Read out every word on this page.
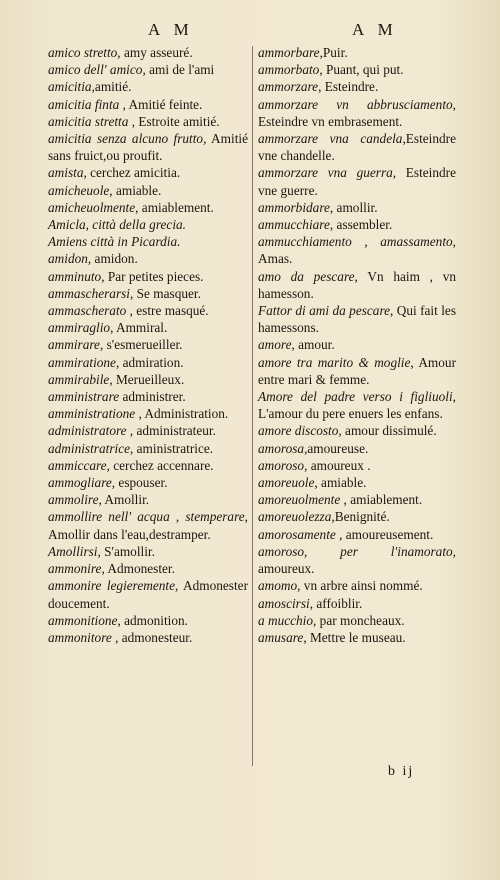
A M	A M
amico stretto, amy asseuré.
amico dell' amico, ami de l'ami
amicitia,amitié.
amicitia finta , Amitié feinte.
amicitia stretta , Estroite amitié.
amicitia senza alcuno frutto, Amitié sans fruict,ou proufit.
amista, cerchez amicitia.
amicheuole, amiable.
amicheuolmente, amiablement.
Amicla, città della grecia.
Amiens città in Picardia.
amidon, amidon.
amminuto, Par petites pieces.
ammascherarsi, Se masquer.
ammascherato , estre masqué.
ammiraglio, Ammiral.
ammirare, s'esmerueiller.
ammiratione, admiration.
ammirabile, Merueilleux.
amministrare administrer.
amministratione , Administration.
administratore , administrateur.
administratrice, aministratrice.
ammiccare, cerchez accennare.
ammogliare, espouser.
ammolire, Amollir.
ammollire nell' acqua , stemperare, Amollir dans l'eau,destramper.
Amollirsi, S'amollir.
ammonire, Admonester.
ammonire legieremente, Admonester doucement.
ammonitione, admonition.
ammonitore , admonesteur.
ammorbare,Puir.
ammorbato, Puant, qui put.
ammorzare, Esteindre.
ammorzare vn abbrusciamento, Esteindre vn embrasement.
ammorzare vna candela,Esteindre vne chandelle.
ammorzare vna guerra, Esteindre vne guerre.
ammorbidare, amollir.
ammucchiare, assembler.
ammucchiamento , amassamento, Amas.
amo da pescare, Vn haim , vn hamesson.
Fattor di ami da pescare, Qui fait les hamessons.
amore, amour.
amore tra marito & moglie, Amour entre mari & femme.
Amore del padre verso i figliuoli, L'amour du pere enuers les enfans.
amore discosto, amour dissimulé.
amorosa,amoureuse.
amoroso, amoureux .
amoreuole, amiable.
amoreuolmente , amiablement.
amoreuolezza,Benignité.
amorosamente , amoureusement.
amoroso, per l'inamorato, amoureux.
amomo, vn arbre ainsi nommé.
amoscirsi, affoiblir.
a mucchio, par moncheaux.
amusare, Mettre le museau.
b ij
